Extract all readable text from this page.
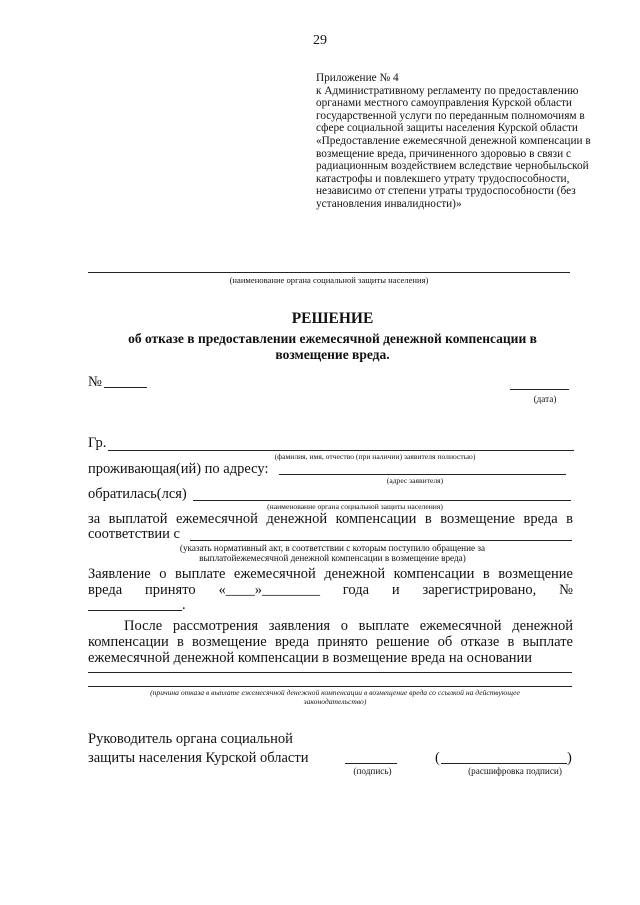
29
Приложение № 4
к Административному регламенту по предоставлению органами местного самоуправления Курской области государственной услуги по переданным полномочиям в сфере социальной защиты населения Курской области «Предоставление ежемесячной денежной компенсации в возмещение вреда, причиненного здоровью в связи с радиационным воздействием вследствие чернобыльской катастрофы и повлекшего утрату трудоспособности, независимо от степени утраты трудоспособности (без установления инвалидности)»
(наименование органа социальной защиты населения)
РЕШЕНИЕ
об отказе в предоставлении ежемесячной денежной компенсации в
возмещение вреда.
№
(дата)
Гр.
(фамилия, имя, отчество (при наличии) заявителя полностью)
проживающая(ий) по адресу:
(адрес заявителя)
обратилась(лся)
(наименование органа социальной защиты населения)
за выплатой ежемесячной денежной компенсации в возмещение вреда в
соответствии с
(указать нормативный акт, в соответствии с которым поступило обращение за
выплатойежемесячной денежной компенсации в возмещение вреда)
Заявление о выплате ежемесячной денежной компенсации в возмещение
вреда принято «____»________ года и зарегистрировано, №
.
После рассмотрения заявления о выплате ежемесячной денежной
компенсации в возмещение вреда принято решение об отказе в выплате
ежемесячной денежной компенсации в возмещение вреда на основании
(причина отказа в выплате ежемесячной денежной компенсации в возмещение вреда со ссылкой на действующее
законодательство)
Руководитель органа социальной
защиты населения Курской области
(подпись)
(	)
(расшифровка подписи)
